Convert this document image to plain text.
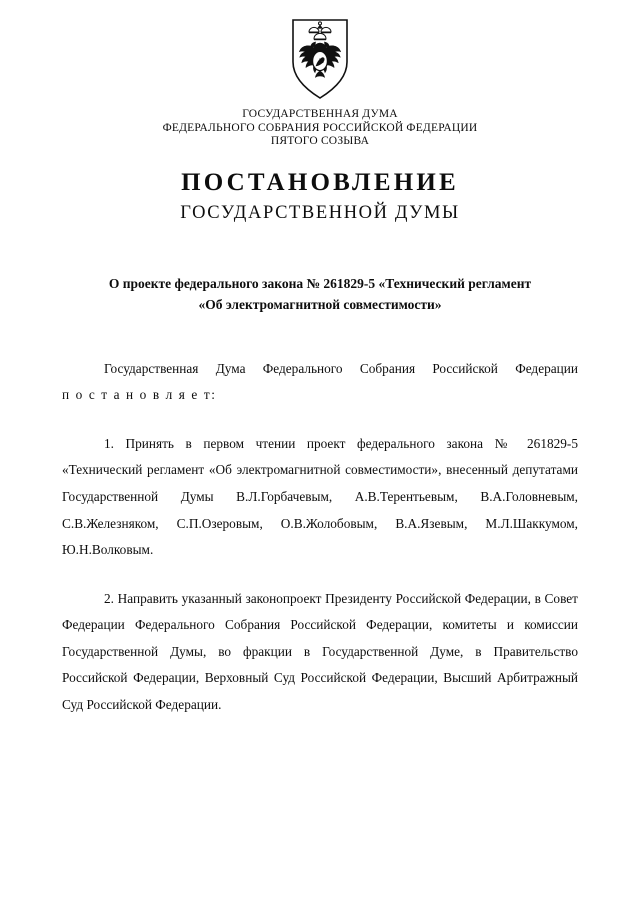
ГОСУДАРСТВЕННАЯ ДУМА
ФЕДЕРАЛЬНОГО СОБРАНИЯ РОССИЙСКОЙ ФЕДЕРАЦИИ
ПЯТОГО СОЗЫВА
ПОСТАНОВЛЕНИЕ
ГОСУДАРСТВЕННОЙ ДУМЫ
О проекте федерального закона № 261829-5 «Технический регламент
«Об электромагнитной совместимости»

Государственная Дума Федерального Собрания Российской Федерации п о с т а н о в л я е т:

1. Принять в первом чтении проект федерального закона № 261829-5 «Технический регламент «Об электромагнитной совместимости», внесенный депутатами Государственной Думы В.Л.Горбачевым, А.В.Терентьевым, В.А.Головневым, С.В.Железняком, С.П.Озеровым, О.В.Жолобовым, В.А.Язевым, М.Л.Шаккумом, Ю.Н.Волковым.

2. Направить указанный законопроект Президенту Российской Федерации, в Совет Федерации Федерального Собрания Российской Федерации, комитеты и комиссии Государственной Думы, во фракции в Государственной Думе, в Правительство Российской Федерации, Верховный Суд Российской Федерации, Высший Арбитражный Суд Российской Федерации.
